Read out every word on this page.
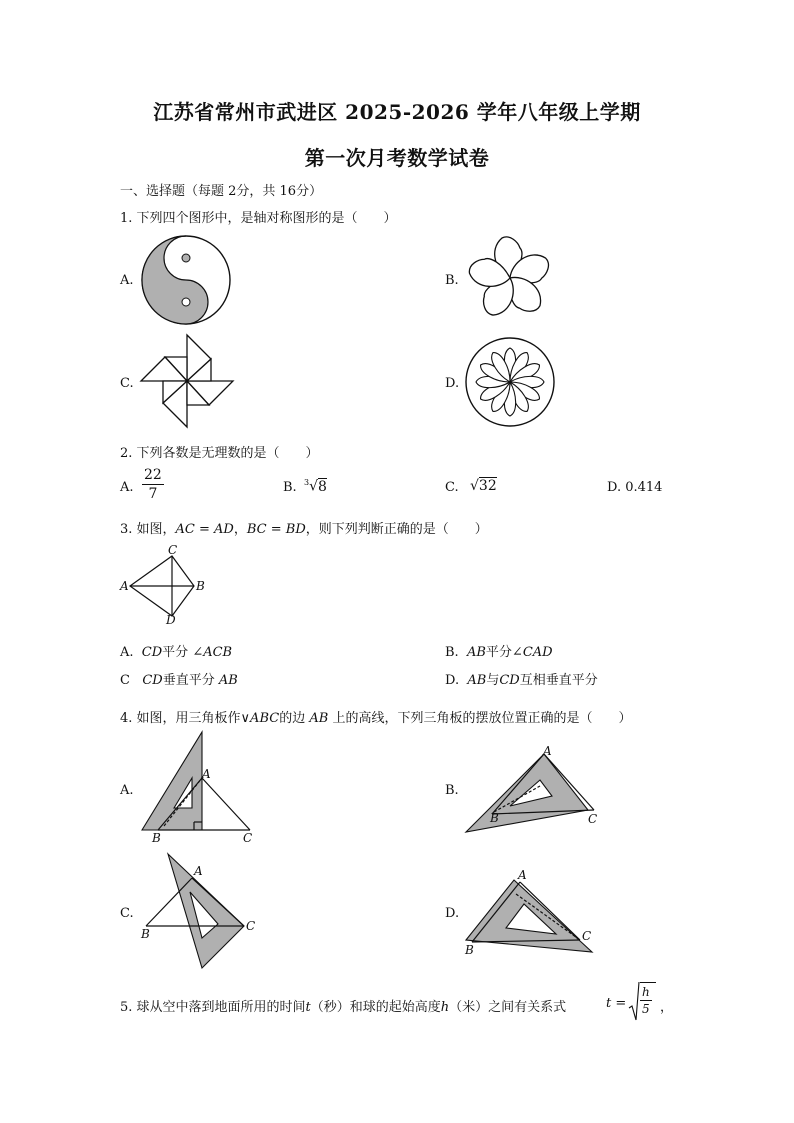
江苏省常州市武进区 2025-2026 学年八年级上学期
第一次月考数学试卷
一、选择题（每题 2分，共 16分）
1. 下列四个图形中，是轴对称图形的是（　　）
A.	B.
C.	D.
2. 下列各数是无理数的是（　　）
A. $\frac{22}{7}$	B. $^3$√8	C. √32	D. 0.414
3. 如图，AC = AD，BC = BD，则下列判断正确的是（　　）
C
A	B
D
A. CD平分 ∠ACB	B. AB平分∠CAD
C CD垂直平分 AB	D. AB与CD互相垂直平分
4. 如图，用三角板作∨ABC的边 AB 上的高线，下列三角板的摆放位置正确的是（　　）
A.	B.
C.	D.
A
B	C
A
B	C
A
B
C
A
B
C
5. 球从空中落到地面所用的时间t（秒）和球的起始高度h（米）之间有关系式	$t = \frac{h}{5}$ ，
